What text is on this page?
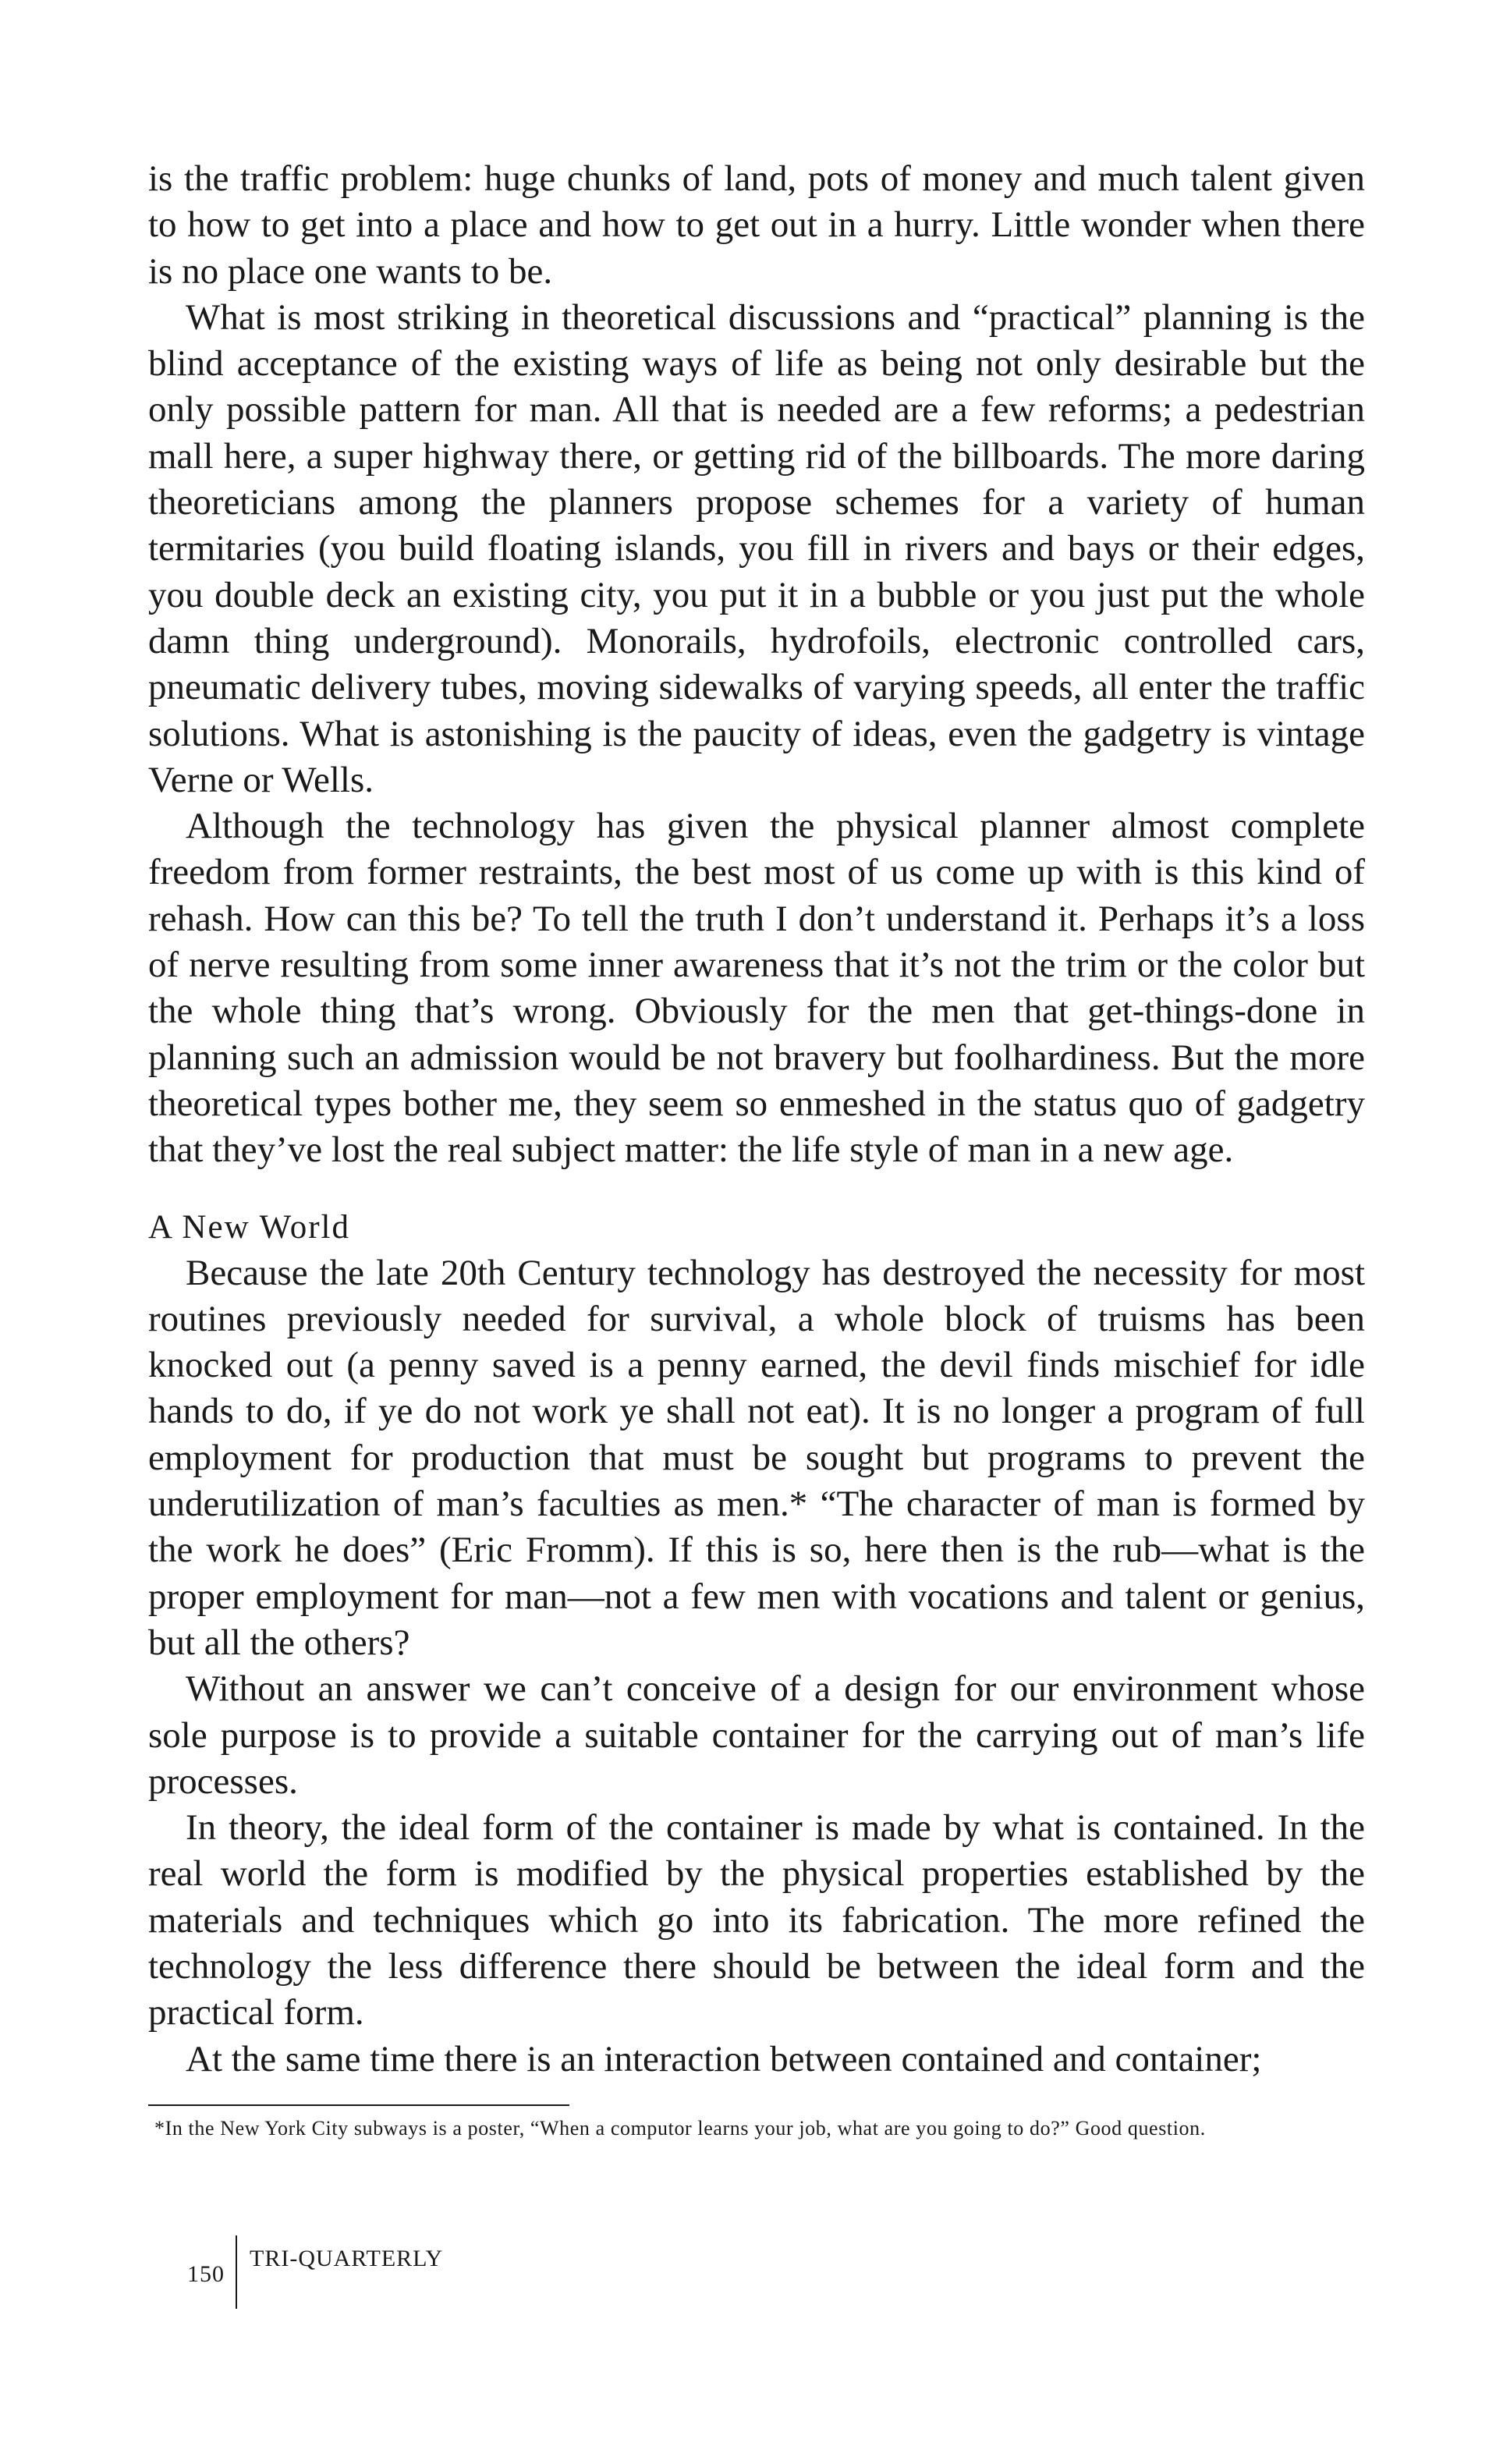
is the traffic problem: huge chunks of land, pots of money and much talent given to how to get into a place and how to get out in a hurry. Little wonder when there is no place one wants to be.

What is most striking in theoretical discussions and “practical” planning is the blind acceptance of the existing ways of life as being not only desirable but the only possible pattern for man. All that is needed are a few reforms; a pedestrian mall here, a super highway there, or getting rid of the billboards. The more daring theoreticians among the planners propose schemes for a variety of human termitaries (you build floating islands, you fill in rivers and bays or their edges, you double deck an existing city, you put it in a bubble or you just put the whole damn thing underground). Monorails, hydrofoils, electronic controlled cars, pneumatic delivery tubes, moving sidewalks of varying speeds, all enter the traffic solutions. What is astonishing is the paucity of ideas, even the gadgetry is vintage Verne or Wells.

Although the technology has given the physical planner almost complete freedom from former restraints, the best most of us come up with is this kind of rehash. How can this be? To tell the truth I don’t understand it. Perhaps it’s a loss of nerve resulting from some inner awareness that it’s not the trim or the color but the whole thing that’s wrong. Obviously for the men that get-things-done in planning such an admission would be not bravery but foolhardiness. But the more theoretical types bother me, they seem so enmeshed in the status quo of gadgetry that they’ve lost the real subject matter: the life style of man in a new age.

A New World

Because the late 20th Century technology has destroyed the necessity for most routines previously needed for survival, a whole block of truisms has been knocked out (a penny saved is a penny earned, the devil finds mischief for idle hands to do, if ye do not work ye shall not eat). It is no longer a program of full employment for production that must be sought but programs to prevent the underutilization of man’s faculties as men.* “The character of man is formed by the work he does” (Eric Fromm). If this is so, here then is the rub—what is the proper employment for man—not a few men with vocations and talent or genius, but all the others?

Without an answer we can’t conceive of a design for our environment whose sole purpose is to provide a suitable container for the carrying out of man’s life processes.

In theory, the ideal form of the container is made by what is contained. In the real world the form is modified by the physical properties established by the materials and techniques which go into its fabrication. The more refined the technology the less difference there should be between the ideal form and the practical form.

At the same time there is an interaction between contained and container;

*In the New York City subways is a poster, “When a computor learns your job, what are you going to do?” Good question.

150
TRI-QUARTERLY
